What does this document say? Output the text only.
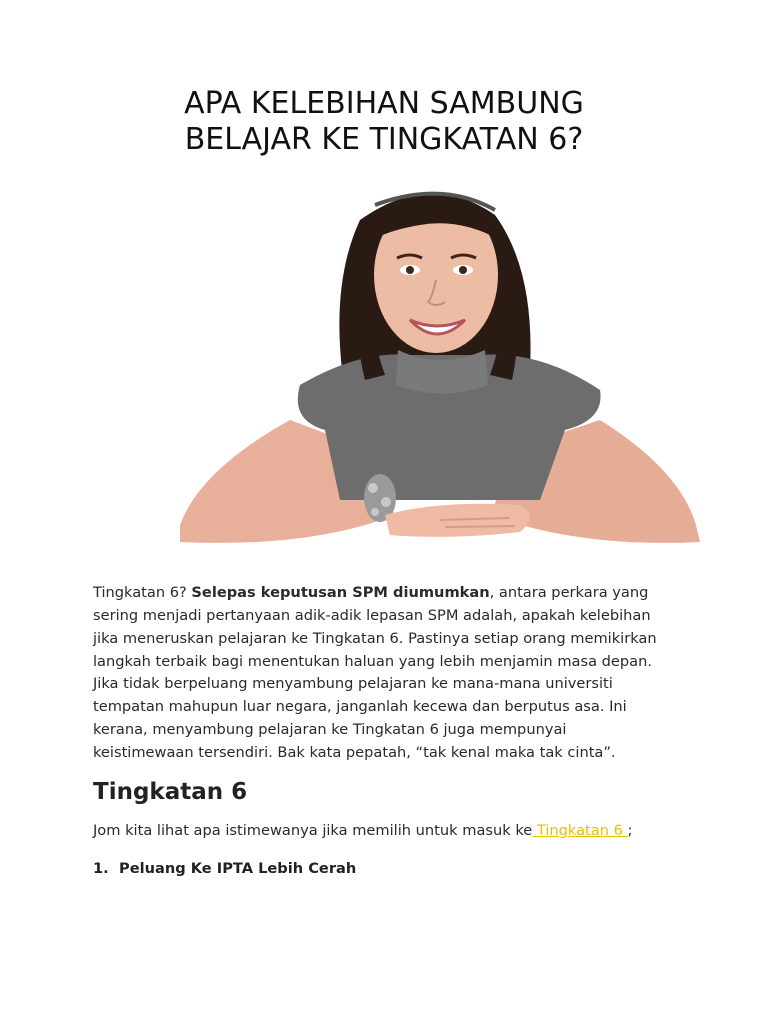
APA KELEBIHAN SAMBUNG
BELAJAR KE TINGKATAN 6?

Tingkatan 6? Selepas keputusan SPM diumumkan, antara perkara yang
sering menjadi pertanyaan adik-adik lepasan SPM adalah, apakah kelebihan
jika meneruskan pelajaran ke Tingkatan 6. Pastinya setiap orang memikirkan
langkah terbaik bagi menentukan haluan yang lebih menjamin masa depan.
Jika tidak berpeluang menyambung pelajaran ke mana-mana universiti
tempatan mahupun luar negara, janganlah kecewa dan berputus asa. Ini
kerana, menyambung pelajaran ke Tingkatan 6 juga mempunyai
keistimewaan tersendiri. Bak kata pepatah, “tak kenal maka tak cinta”.

Tingkatan 6

Jom kita lihat apa istimewanya jika memilih untuk masuk ke Tingkatan 6 ;

1. Peluang Ke IPTA Lebih Cerah
